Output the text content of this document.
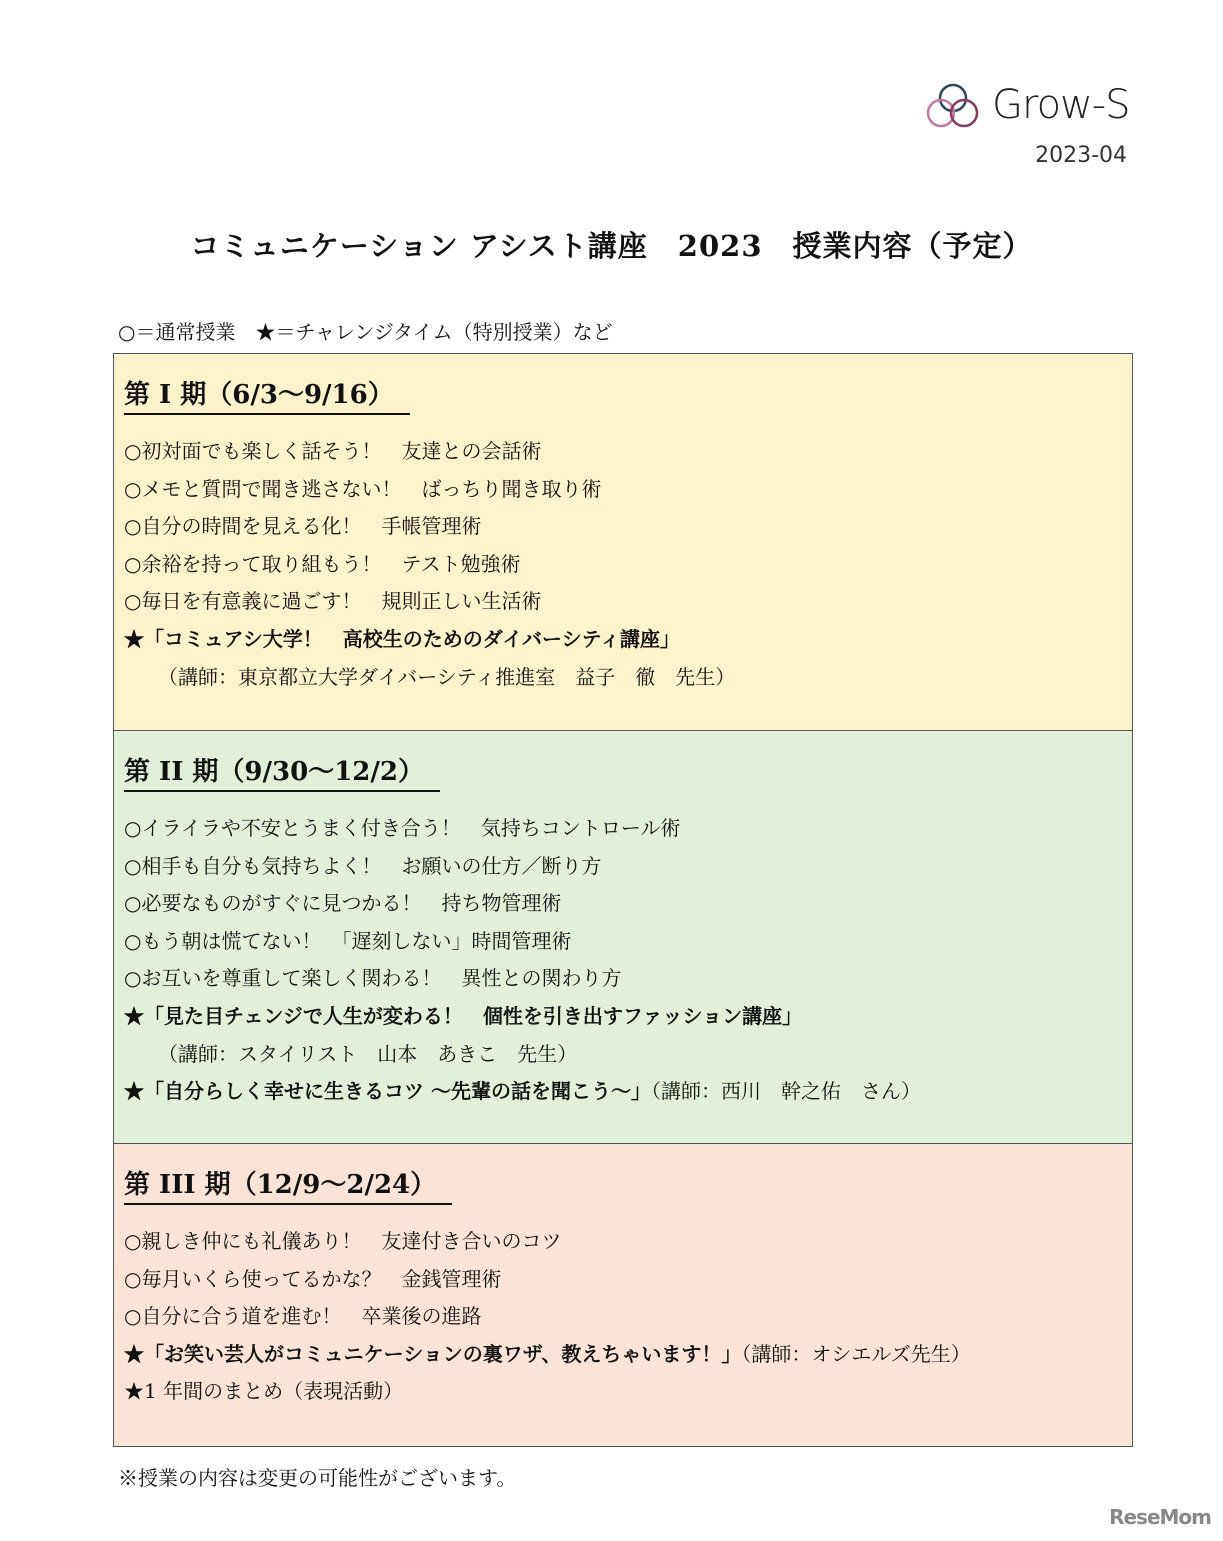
Grow-S
2023-04
コミュニケーション アシスト講座　2023　授業内容（予定）
○＝通常授業　★＝チャレンジタイム（特別授業）など
第 I 期（6/3～9/16）
○初対面でも楽しく話そう！　友達との会話術
○メモと質問で聞き逃さない！　ばっちり聞き取り術
○自分の時間を見える化！　手帳管理術
○余裕を持って取り組もう！　テスト勉強術
○毎日を有意義に過ごす！　規則正しい生活術
★「コミュアシ大学！　高校生のためのダイバーシティ講座」
（講師：東京都立大学ダイバーシティ推進室　益子　徹　先生）
第 II 期（9/30～12/2）
○イライラや不安とうまく付き合う！　気持ちコントロール術
○相手も自分も気持ちよく！　お願いの仕方／断り方
○必要なものがすぐに見つかる！　持ち物管理術
○もう朝は慌てない！　「遅刻しない」時間管理術
○お互いを尊重して楽しく関わる！　異性との関わり方
★「見た目チェンジで人生が変わる！　個性を引き出すファッション講座」
（講師：スタイリスト　山本　あきこ　先生）
★「自分らしく幸せに生きるコツ ～先輩の話を聞こう～」（講師：西川　幹之佑　さん）
第 III 期（12/9～2/24）
○親しき仲にも礼儀あり！　友達付き合いのコツ
○毎月いくら使ってるかな？　金銭管理術
○自分に合う道を進む！　卒業後の進路
★「お笑い芸人がコミュニケーションの裏ワザ、教えちゃいます！」（講師：オシエルズ先生）
★1 年間のまとめ（表現活動）
※授業の内容は変更の可能性がございます。
ReseMom
